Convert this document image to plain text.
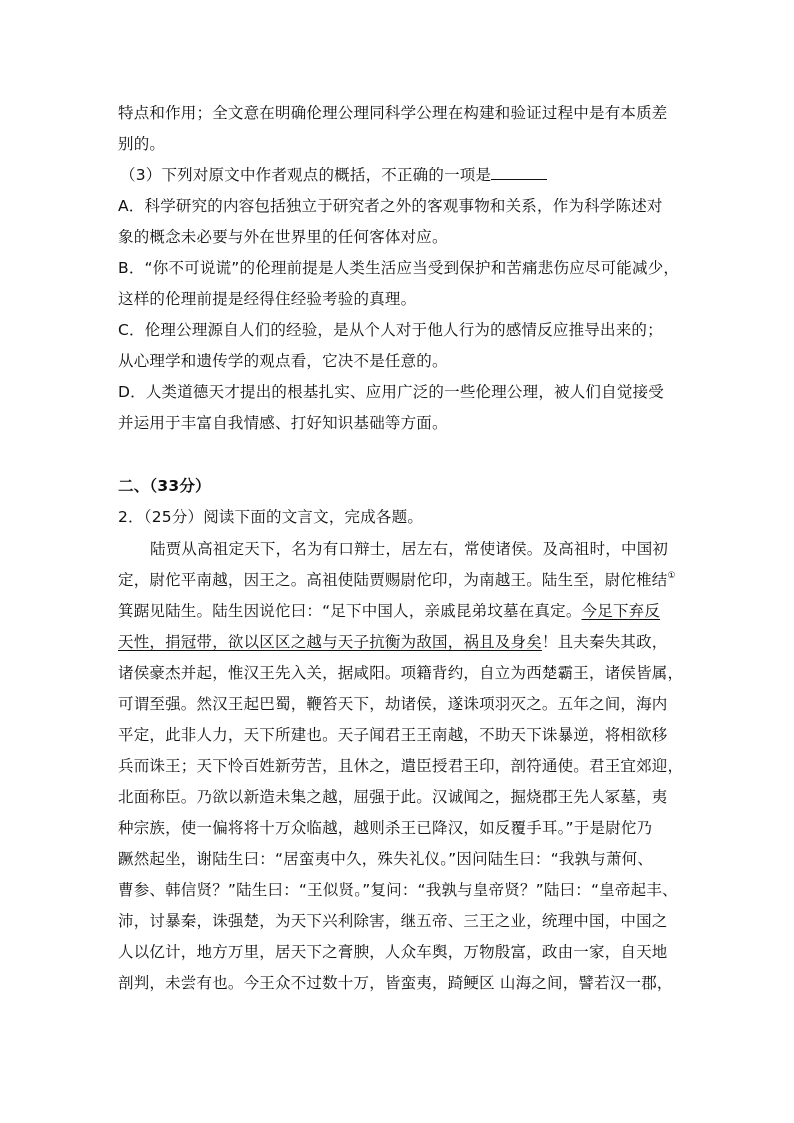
特点和作用；全文意在明确伦理公理同科学公理在构建和验证过程中是有本质差
别的。
（3）下列对原文中作者观点的概括，不正确的一项是
A．科学研究的内容包括独立于研究者之外的客观事物和关系，作为科学陈述对
象的概念未必要与外在世界里的任何客体对应。
B．“你不可说谎”的伦理前提是人类生活应当受到保护和苦痛悲伤应尽可能减少，
这样的伦理前提是经得住经验考验的真理。
C．伦理公理源自人们的经验，是从个人对于他人行为的感情反应推导出来的；
从心理学和遗传学的观点看，它决不是任意的。
D．人类道德天才提出的根基扎实、应用广泛的一些伦理公理，被人们自觉接受
并运用于丰富自我情感、打好知识基础等方面。
二、（33分）
2．（25分）阅读下面的文言文，完成各题。
陆贾从高祖定天下，名为有口辩士，居左右，常使诸侯。及高祖时，中国初
定，尉佗平南越，因王之。高祖使陆贾赐尉佗印，为南越王。陆生至，尉佗椎结①
箕踞见陆生。陆生因说佗曰：“足下中国人，亲戚昆弟坟墓在真定。今足下弃反
天性，捐冠带，欲以区区之越与天子抗衡为敌国，祸且及身矣！且夫秦失其政，
诸侯豪杰并起，惟汉王先入关，据咸阳。项籍背约，自立为西楚霸王，诸侯皆属，
可谓至强。然汉王起巴蜀，鞭笞天下，劫诸侯，遂诛项羽灭之。五年之间，海内
平定，此非人力，天下所建也。天子闻君王王南越，不助天下诛暴逆，将相欲移
兵而诛王；天下怜百姓新劳苦，且休之，遣臣授君王印，剖符通使。君王宜郊迎，
北面称臣。乃欲以新造未集之越，屈强于此。汉诚闻之，掘烧郡王先人冢墓，夷
种宗族，使一偏将将十万众临越，越则杀王已降汉，如反覆手耳。”于是尉佗乃
蹶然起坐，谢陆生曰：“居蛮夷中久，殊失礼仪。”因问陆生曰：“我孰与萧何、
曹参、韩信贤？”陆生曰：“王似贤。”复问：“我孰与皇帝贤？”陆曰：“皇帝起丰、
沛，讨暴秦，诛强楚，为天下兴利除害，继五帝、三王之业，统理中国，中国之
人以亿计，地方万里，居天下之膏腴，人众车舆，万物殷富，政由一家，自天地
剖判，未尝有也。今王众不过数十万，皆蛮夷，踦鲠区 山海之间，譬若汉一郡，
